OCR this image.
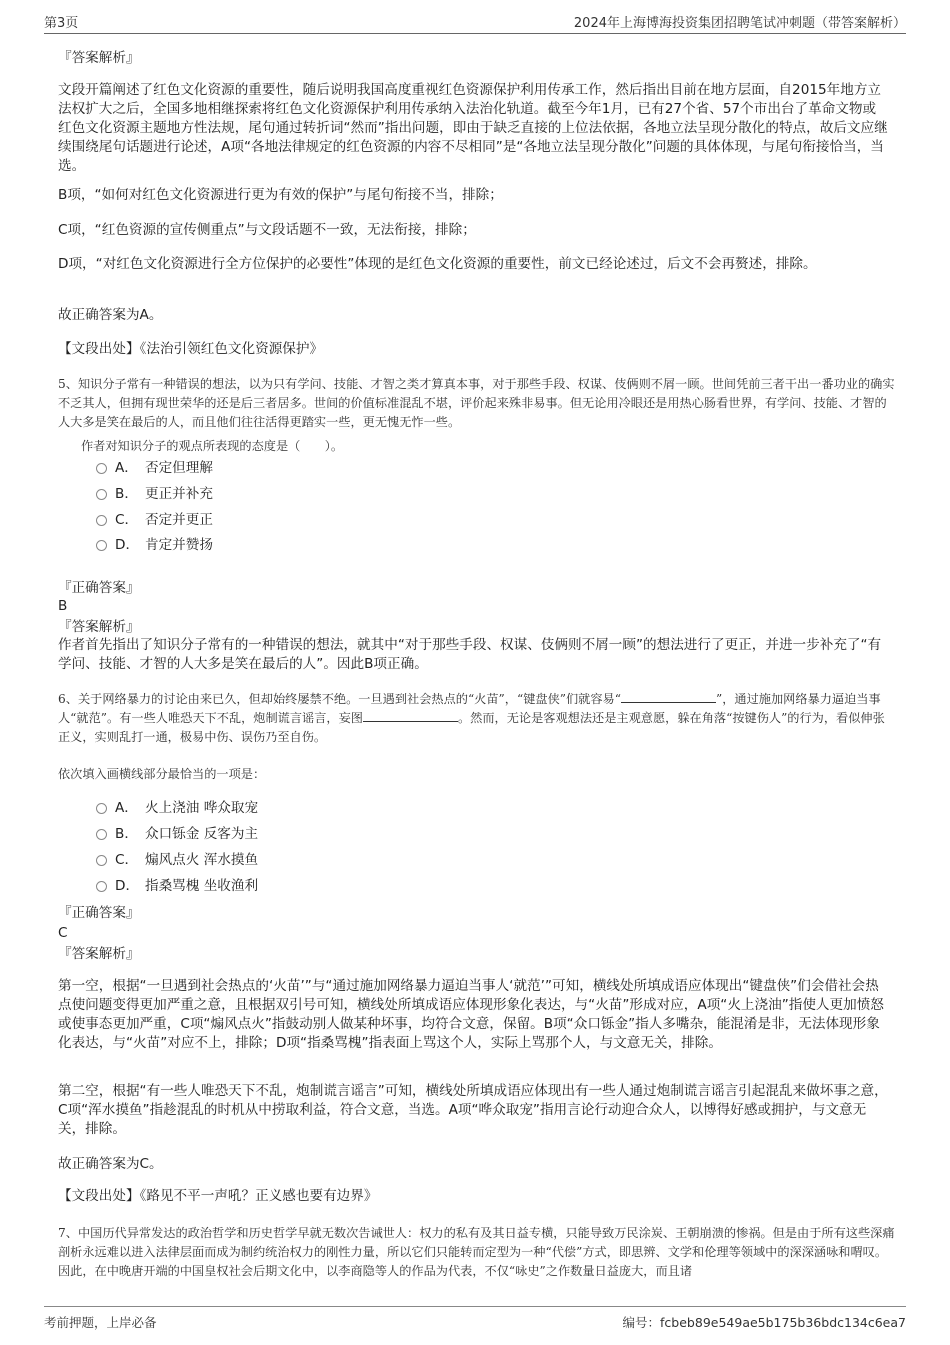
第3页	2024年上海博海投资集团招聘笔试冲刺题（带答案解析）
『答案解析』
文段开篇阐述了红色文化资源的重要性，随后说明我国高度重视红色资源保护利用传承工作，然后指出目前在地方层面，自2015年地方立法权扩大之后，全国多地相继探索将红色文化资源保护利用传承纳入法治化轨道。截至今年1月，已有27个省、57个市出台了革命文物或红色文化资源主题地方性法规，尾句通过转折词“然而”指出问题，即由于缺乏直接的上位法依据，各地立法呈现分散化的特点，故后文应继续围绕尾句话题进行论述，A项“各地法律规定的红色资源的内容不尽相同”是“各地立法呈现分散化”问题的具体体现，与尾句衔接恰当，当选。
B项，“如何对红色文化资源进行更为有效的保护”与尾句衔接不当，排除；
C项，“红色资源的宣传侧重点”与文段话题不一致，无法衔接，排除；
D项，“对红色文化资源进行全方位保护的必要性”体现的是红色文化资源的重要性，前文已经论述过，后文不会再赘述，排除。
故正确答案为A。
【文段出处】《法治引领红色文化资源保护》
5、知识分子常有一种错误的想法，以为只有学问、技能、才智之类才算真本事，对于那些手段、权谋、伎俩则不屑一顾。世间凭前三者干出一番功业的确实不乏其人，但拥有现世荣华的还是后三者居多。世间的价值标准混乱不堪，评价起来殊非易事。但无论用冷眼还是用热心肠看世界，有学问、技能、才智的人大多是笑在最后的人，而且他们往往活得更踏实一些，更无愧无怍一些。
作者对知识分子的观点所表现的态度是（　　）。
A． 否定但理解
B． 更正并补充
C． 否定并更正
D． 肯定并赞扬
『正确答案』
B
『答案解析』
作者首先指出了知识分子常有的一种错误的想法，就其中“对于那些手段、权谋、伎俩则不屑一顾”的想法进行了更正，并进一步补充了“有学问、技能、才智的人大多是笑在最后的人”。因此B项正确。
6、关于网络暴力的讨论由来已久，但却始终屡禁不绝。一旦遇到社会热点的“火苗”，“键盘侠”们就容易“	”，通过施加网络暴力逼迫当事人“就范”。有一些人唯恐天下不乱，炮制谎言谣言，妄图	。然而，无论是客观想法还是主观意愿，躲在角落“按键伤人”的行为，看似伸张正义，实则乱打一通，极易中伤、误伤乃至自伤。
依次填入画横线部分最恰当的一项是：
A． 火上浇油 哗众取宠
B． 众口铄金 反客为主
C． 煽风点火 浑水摸鱼
D． 指桑骂槐 坐收渔利
『正确答案』
C
『答案解析』
第一空，根据“一旦遇到社会热点的‘火苗’”与“通过施加网络暴力逼迫当事人‘就范’”可知，横线处所填成语应体现出“键盘侠”们会借社会热点使问题变得更加严重之意，且根据双引号可知，横线处所填成语应体现形象化表达，与“火苗”形成对应，A项“火上浇油”指使人更加愤怒或使事态更加严重，C项“煽风点火”指鼓动别人做某种坏事，均符合文意，保留。B项“众口铄金”指人多嘴杂，能混淆是非，无法体现形象化表达，与“火苗”对应不上，排除；D项“指桑骂槐”指表面上骂这个人，实际上骂那个人，与文意无关，排除。
第二空，根据“有一些人唯恐天下不乱，炮制谎言谣言”可知，横线处所填成语应体现出有一些人通过炮制谎言谣言引起混乱来做坏事之意，C项“浑水摸鱼”指趁混乱的时机从中捞取利益，符合文意，当选。A项“哗众取宠”指用言论行动迎合众人，以博得好感或拥护，与文意无关，排除。
故正确答案为C。
【文段出处】《路见不平一声吼？正义感也要有边界》
7、中国历代异常发达的政治哲学和历史哲学早就无数次告诫世人：权力的私有及其日益专横，只能导致万民涂炭、王朝崩溃的惨祸。但是由于所有这些深痛剖析永远难以进入法律层面而成为制约统治权力的刚性力量，所以它们只能转而定型为一种“代偿”方式，即思辨、文学和伦理等领域中的深深涵咏和喟叹。因此，在中晚唐开端的中国皇权社会后期文化中，以李商隐等人的作品为代表，不仅“咏史”之作数量日益庞大，而且诸
考前押题，上岸必备	编号：fcbeb89e549ae5b175b36bdc134c6ea7
